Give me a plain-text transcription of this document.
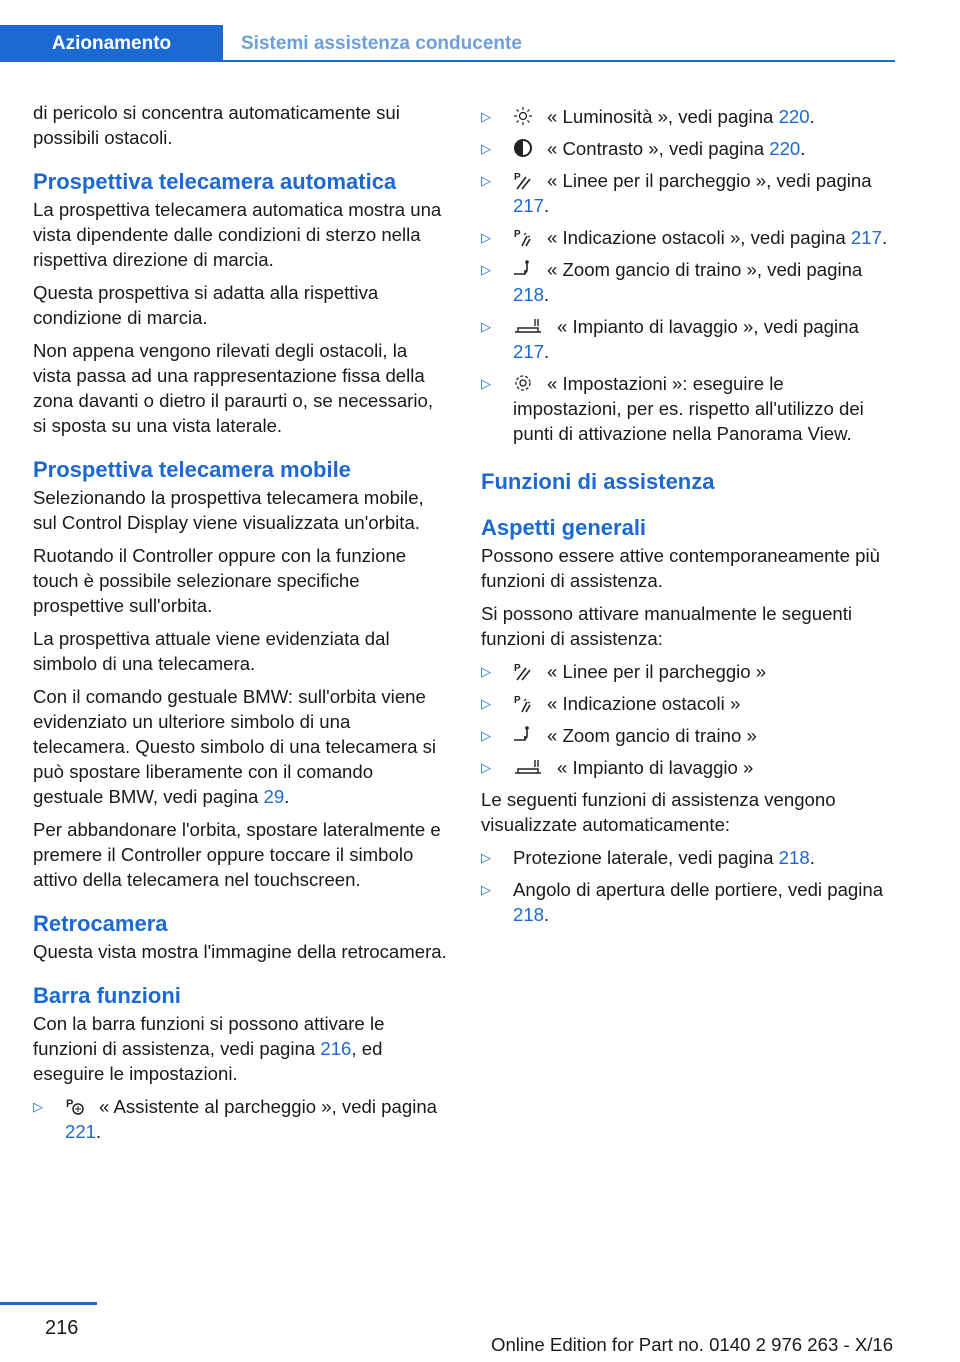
Azionamento	Sistemi assistenza conducente

di pericolo si concentra automaticamente sui possibili ostacoli.

Prospettiva telecamera automatica

La prospettiva telecamera automatica mostra una vista dipendente dalle condizioni di sterzo nella rispettiva direzione di marcia.

Questa prospettiva si adatta alla rispettiva condizione di marcia.

Non appena vengono rilevati degli ostacoli, la vista passa ad una rappresentazione fissa della zona davanti o dietro il paraurti o, se necessario, si sposta su una vista laterale.

Prospettiva telecamera mobile

Selezionando la prospettiva telecamera mobile, sul Control Display viene visualizzata un'orbita.

Ruotando il Controller oppure con la funzione touch è possibile selezionare specifiche prospettive sull'orbita.

La prospettiva attuale viene evidenziata dal simbolo di una telecamera.

Con il comando gestuale BMW: sull'orbita viene evidenziato un ulteriore simbolo di una telecamera. Questo simbolo di una telecamera si può spostare liberamente con il comando gestuale BMW, vedi pagina 29.

Per abbandonare l'orbita, spostare lateralmente e premere il Controller oppure toccare il simbolo attivo della telecamera nel touchscreen.

Retrocamera

Questa vista mostra l'immagine della retrocamera.

Barra funzioni

Con la barra funzioni si possono attivare le funzioni di assistenza, vedi pagina 216, ed eseguire le impostazioni.

▷ P « Assistente al parcheggio », vedi pagina 221.
▷	« Luminosità », vedi pagina 220.
▷	« Contrasto », vedi pagina 220.
▷ P « Linee per il parcheggio », vedi pagina 217.
▷ P « Indicazione ostacoli », vedi pagina 217.
▷	« Zoom gancio di traino », vedi pagina 218.
▷	« Impianto di lavaggio », vedi pagina 217.
▷	« Impostazioni »: eseguire le impostazioni, per es. rispetto all'utilizzo dei punti di attivazione nella Panorama View.
Funzioni di assistenza
Aspetti generali

Possono essere attive contemporaneamente più funzioni di assistenza.

Si possono attivare manualmente le seguenti funzioni di assistenza:

▷ P « Linee per il parcheggio »
▷ P « Indicazione ostacoli »
▷	« Zoom gancio di traino »
▷	« Impianto di lavaggio »

Le seguenti funzioni di assistenza vengono visualizzate automaticamente:

▷ Protezione laterale, vedi pagina 218.
▷ Angolo di apertura delle portiere, vedi pagina 218.
216
Online Edition for Part no. 0140 2 976 263 - X/16
